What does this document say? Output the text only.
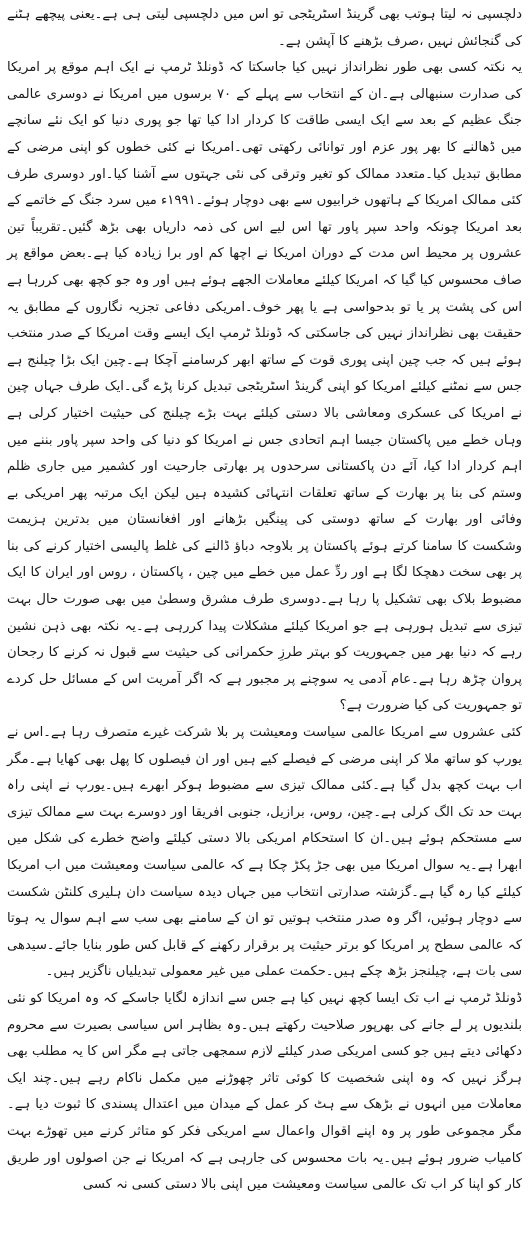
دلچسپی نہ لیتا ہوتب بھی گرینڈ اسٹریٹجی تو اس میں دلچسپی لیتی ہی ہے۔یعنی پیچھے ہٹنے کی گنجائش نہیں ،صرف بڑھنے کا آپشن ہے۔

یہ نکتہ کسی بھی طور نظرانداز نہیں کیا جاسکتا کہ ڈونلڈ ٹرمپ نے ایک اہم موقع پر امریکا کی صدارت سنبھالی ہے۔ان کے انتخاب سے پہلے کے ۷۰ برسوں میں امریکا نے دوسری عالمی جنگ عظیم کے بعد سے ایک ایسی طاقت کا کردار ادا کیا تھا جو پوری دنیا کو ایک نئے سانچے میں ڈھالنے کا بھر پور عزم اور توانائی رکھتی تھی۔امریکا نے کئی خطوں کو اپنی مرضی کے مطابق تبدیل کیا۔متعدد ممالک کو تغیر وترقی کی نئی جہتوں سے آشنا کیا۔اور دوسری طرف کئی ممالک امریکا کے ہاتھوں خرابیوں سے بھی دوچار ہوئے۔۱۹۹۱ء میں سرد جنگ کے خاتمے کے بعد امریکا چونکہ واحد سپر پاور تھا اس لیے اس کی ذمہ داریاں بھی بڑھ گئیں۔تقریباً تین عشروں پر محیط اس مدت کے دوران امریکا نے اچھا کم اور برا زیادہ کیا ہے۔بعض مواقع پر صاف محسوس کیا گیا کہ امریکا کیلئے معاملات الجھے ہوئے ہیں اور وہ جو کچھ بھی کررہا ہے اس کی پشت پر یا تو بدحواسی ہے یا پھر خوف۔امریکی دفاعی تجزیہ نگاروں کے مطابق یہ حقیقت بھی نظرانداز نہیں کی جاسکتی کہ ڈونلڈ ٹرمپ ایک ایسے وقت امریکا کے صدر منتخب ہوئے ہیں کہ جب چین اپنی پوری قوت کے ساتھ ابھر کرسامنے آچکا ہے۔چین ایک بڑا چیلنج ہے جس سے نمٹنے کیلئے امریکا کو اپنی گرینڈ اسٹریٹجی تبدیل کرنا پڑے گی۔ایک طرف جہاں چین نے امریکا کی عسکری ومعاشی بالا دستی کیلئے بہت بڑے چیلنج کی حیثیت اختیار کرلی ہے وہاں خطے میں پاکستان جیسا اہم اتحادی جس نے امریکا کو دنیا کی واحد سپر پاور بننے میں اہم کردار ادا کیا، آئے دن پاکستانی سرحدوں پر بھارتی جارحیت اور کشمیر میں جاری ظلم وستم کی بنا پر بھارت کے ساتھ تعلقات انتہائی کشیدہ ہیں لیکن ایک مرتبہ پھر امریکی بے وفائی اور بھارت کے ساتھ دوستی کی پینگیں بڑھانے اور افغانستان میں بدترین ہزیمت وشکست کا سامنا کرتے ہوئے پاکستان پر بلاوجہ دباؤ ڈالنے کی غلط پالیسی اختیار کرنے کی بنا پر بھی سخت دھچکا لگا ہے اور ردِّ عمل میں خطے میں چین ، پاکستان ، روس اور ایران کا ایک مضبوط بلاک بھی تشکیل پا رہا ہے۔دوسری طرف مشرق وسطیٰ میں بھی صورت حال بہت تیزی سے تبدیل ہورہی ہے جو امریکا کیلئے مشکلات پیدا کررہی ہے۔یہ نکتہ بھی ذہن نشین رہے کہ دنیا بھر میں جمہوریت کو بہتر طرزِ حکمرانی کی حیثیت سے قبول نہ کرنے کا رجحان پروان چڑھ رہا ہے۔عام آدمی یہ سوچنے پر مجبور ہے کہ اگر آمریت اس کے مسائل حل کردے تو جمہوریت کی کیا ضرورت ہے؟

کئی عشروں سے امریکا عالمی سیاست ومعیشت پر بلا شرکت غیرے متصرف رہا ہے۔اس نے یورپ کو ساتھ ملا کر اپنی مرضی کے فیصلے کیے ہیں اور ان فیصلوں کا پھل بھی کھایا ہے۔مگر اب بہت کچھ بدل گیا ہے۔کئی ممالک تیزی سے مضبوط ہوکر ابھرے ہیں۔یورپ نے اپنی راہ بہت حد تک الگ کرلی ہے۔چین، روس، برازیل، جنوبی افریقا اور دوسرے بہت سے ممالک تیزی سے مستحکم ہوئے ہیں۔ان کا استحکام امریکی بالا دستی کیلئے واضح خطرے کی شکل میں ابھرا ہے۔یہ سوال امریکا میں بھی جڑ پکڑ چکا ہے کہ عالمی سیاست ومعیشت میں اب امریکا کیلئے کیا رہ گیا ہے۔گزشتہ صدارتی انتخاب میں جہاں دیدہ سیاست دان ہلیری کلنٹن شکست سے دوچار ہوئیں، اگر وہ صدر منتخب ہوتیں تو ان کے سامنے بھی سب سے اہم سوال یہ ہوتا کہ عالمی سطح پر امریکا کو برتر حیثیت پر برقرار رکھنے کے قابل کس طور بنایا جائے۔سیدھی سی بات ہے، چیلنجز بڑھ چکے ہیں۔حکمت عملی میں غیر معمولی تبدیلیاں ناگزیر ہیں۔

ڈونلڈ ٹرمپ نے اب تک ایسا کچھ نہیں کیا ہے جس سے اندازہ لگایا جاسکے کہ وہ امریکا کو نئی بلندیوں پر لے جانے کی بھرپور صلاحیت رکھتے ہیں۔وہ بظاہر اس سیاسی بصیرت سے محروم دکھائی دیتے ہیں جو کسی امریکی صدر کیلئے لازم سمجھی جاتی ہے مگر اس کا یہ مطلب بھی ہرگز نہیں کہ وہ اپنی شخصیت کا کوئی تاثر چھوڑنے میں مکمل ناکام رہے ہیں۔چند ایک معاملات میں انہوں نے بڑھک سے ہٹ کر عمل کے میدان میں اعتدال پسندی کا ثبوت دیا ہے۔مگر مجموعی طور پر وہ اپنے اقوال واعمال سے امریکی فکر کو متاثر کرنے میں تھوڑے بہت کامیاب ضرور ہوئے ہیں۔یہ بات محسوس کی جارہی ہے کہ امریکا نے جن اصولوں اور طریق کار کو اپنا کر اب تک عالمی سیاست ومعیشت میں اپنی بالا دستی کسی نہ کسی
